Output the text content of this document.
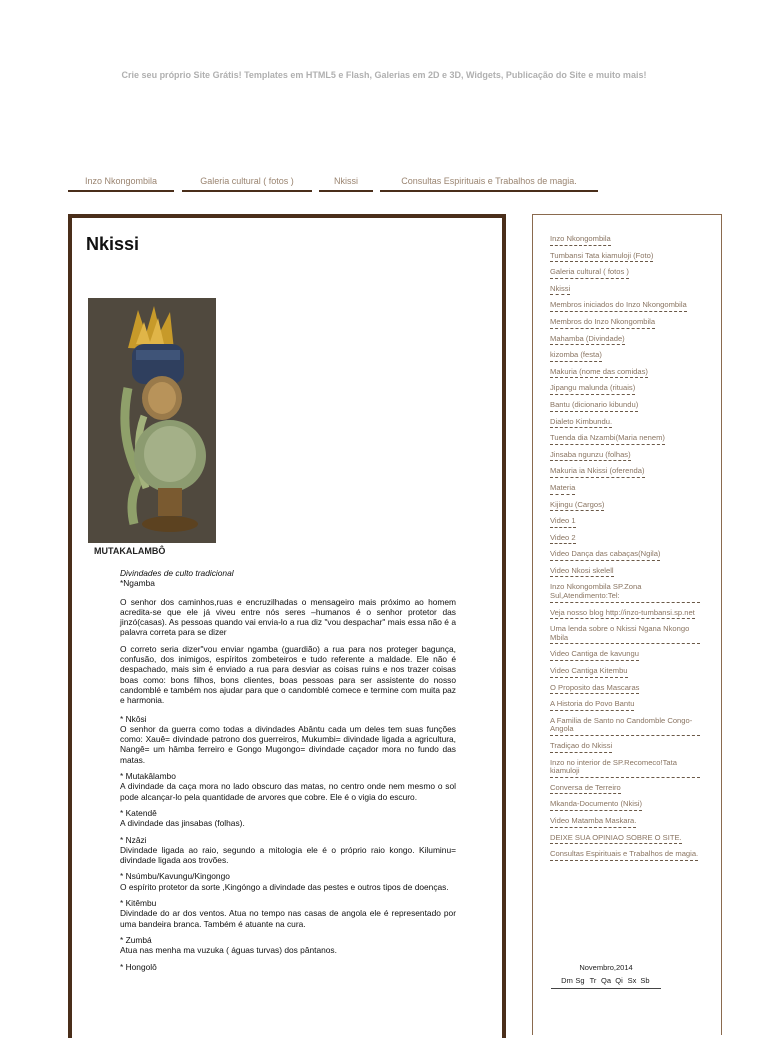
Crie seu próprio Site Grátis! Templates em HTML5 e Flash, Galerias em 2D e 3D, Widgets, Publicação do Site e muito mais!
Inzo Nkongombila	Galeria cultural ( fotos )	Nkissi	Consultas Espirituais e Trabalhos de magia.
Nkissi
MUTAKALAMBÔ

Divindades de culto tradicional

*Ngamba

O senhor dos caminhos,ruas e encruzilhadas o mensageiro mais próximo ao homem acredita-se que ele já viveu entre nós seres –humanos é o senhor protetor das jinzó(casas). As pessoas quando vai envia-lo a rua diz "vou despachar" mais essa não é a palavra correta para se dizer

O correto seria dizer"vou enviar ngamba (guardião) a rua para nos proteger bagunça, confusão, dos inimigos, espíritos zombeteiros e tudo referente a maldade. Ele não é despachado, mais sim é enviado a rua para desviar as coisas ruins e nos trazer coisas boas como: bons filhos, bons clientes, boas pessoas para ser assistente do nosso candomblé e também nos ajudar para que o candomblé comece e termine com muita paz e harmonia.

* Nkôsi
O senhor da guerra como todas a divindades Abântu cada um deles tem suas funções como: Xauê= divindade patrono dos guerreiros, Mukumbi= divindade ligada a agricultura, Nangê= um hâmba ferreiro e Gongo Mugongo= divindade caçador mora no fundo das matas.

* Mutakâlambo
A divindade da caça mora no lado obscuro das matas, no centro onde nem mesmo o sol pode alcançar-lo pela quantidade de arvores que cobre. Ele é o vigia do escuro.

* Katendê
A divindade das jinsabas (folhas).

* Nzâzi
Divindade ligada ao raio, segundo a mitologia ele é o próprio raio kongo. Kiluminu= divindade ligada aos trovões.

* Nsúmbu/Kavungu/Kingongo
O espírito protetor da sorte ,Kingóngo a divindade das pestes e outros tipos de doenças.

* Kitêmbu
Divindade do ar dos ventos. Atua no tempo nas casas de angola ele é representado por uma bandeira branca. Também é atuante na cura.

* Zumbá
Atua nas menha ma vuzuka ( águas turvas) dos pântanos.

* Hongolô

Inzo Nkongombila
Tumbansi Tata kiamuloji (Foto)
Galeria cultural ( fotos )
Nkissi
Membros iniciados do Inzo Nkongombila
Membros do Inzo Nkongombila
Mahamba (Divindade)
kizomba (festa)
Makuria (nome das comidas)
Jipangu malunda (rituais)
Bantu (dicionario kibundu)
Dialeto Kimbundu.
Tuenda dia Nzambi(Maria nenem)
Jinsaba ngunzu (folhas)
Makuria ia Nkissi (oferenda)
Materia
Kijingu (Cargos)
Video 1
Video 2
Video Dança das cabaças(Ngila)
Video Nkosi skelell
Inzo Nkongombila SP.Zona Sul,Atendimento:Tel:
Veja nosso blog http://inzo-tumbansi.sp.net
Uma lenda sobre o Nkissi Ngana Nkongo Mbila
Video Cantiga de kavungu
Video Cantiga Kitembu
O Proposito das Mascaras
A Historia do Povo Bantu
A Familia de Santo no Candomble Congo-Angola
Tradiçao do Nkissi
Inzo no interior de SP.Recomeco!Tata kiamuloji
Conversa de Terreiro
Mkanda-Documento (Nkisi)
Video Matamba Maskara.
DEIXE SUA OPINIAO SOBRE O SITE.
Consultas Espirituais e Trabalhos de magia.
Novembro,2014
Dm Sg Tr Qa Qi Sx Sb
